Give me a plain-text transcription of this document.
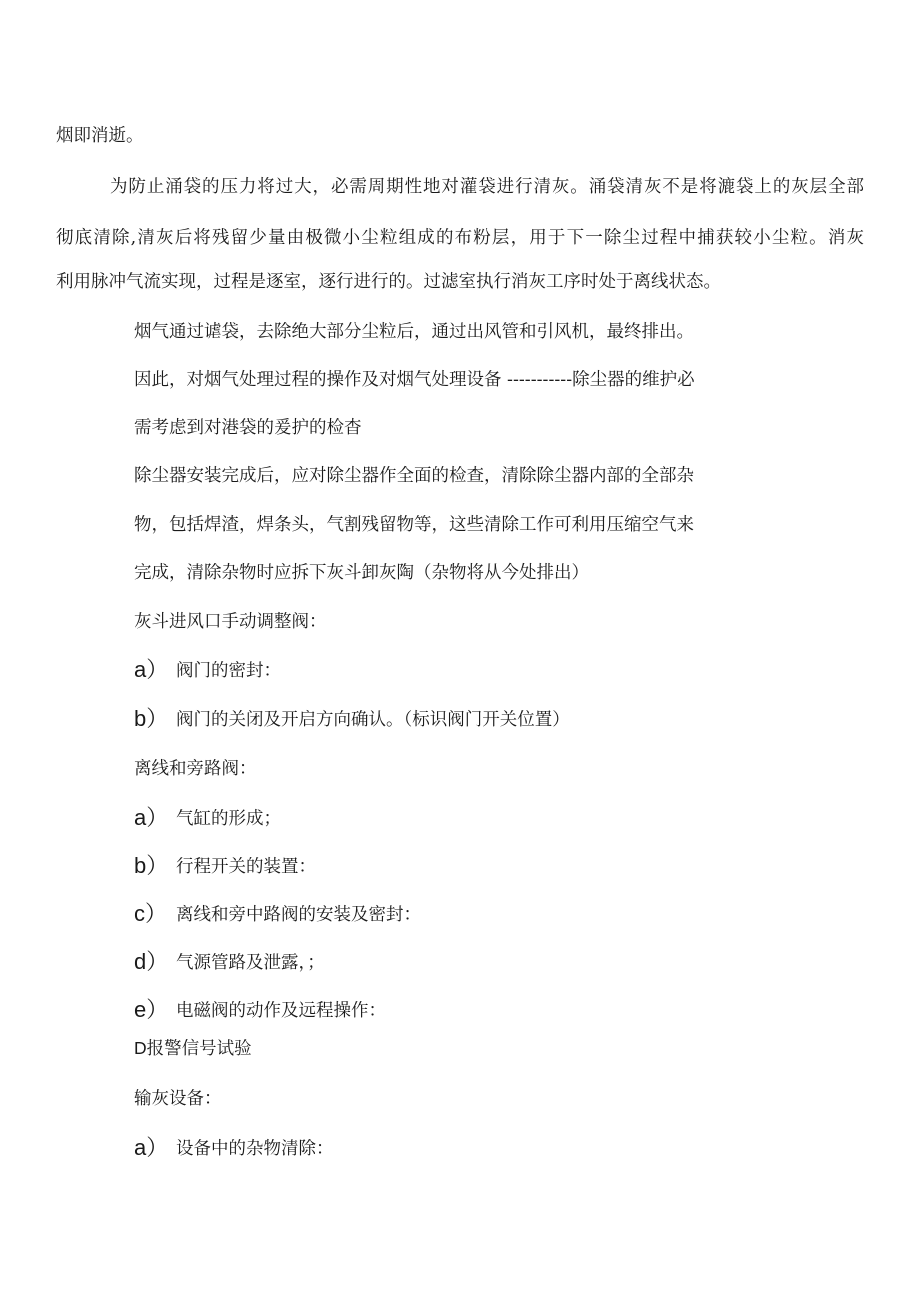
烟即消逝。
为防止涌袋的压力将过大，必需周期性地对灌袋进行清灰。涌袋清灰不是将漉袋上的灰层全部
彻底清除,清灰后将残留少量由极微小尘粒组成的布粉层，用于下一除尘过程中捕获较小尘粒。消灰
利用脉冲气流实现，过程是逐室，逐行进行的。过滤室执行消灰工序时处于离线状态。
烟气通过谑袋，去除绝大部分尘粒后，通过出风管和引风机，最终排出。
因此，对烟气处理过程的操作及对烟气处理设备 -----------除尘器的维护必
需考虑到对港袋的爰护的检杳
除尘器安装完成后，应对除尘器作全面的检查，清除除尘器内部的全部杂
物，包括焊渣，焊条头，气割残留物等，这些清除工作可利用压缩空气来
完成，清除杂物时应拆下灰斗卸灰陶（杂物将从今处排出）
灰斗进风口手动调整阀：
a） 阀门的密封：
b） 阀门的关闭及开启方向确认。（标识阀门开关位置）
离线和旁路阀：
a） 气缸的形成；
b） 行程开关的装置：
c） 离线和旁中路阀的安装及密封：
d） 气源管路及泄露，；
e） 电磁阀的动作及远程操作：
D报警信号试验
输灰设备：
a） 设备中的杂物清除：
